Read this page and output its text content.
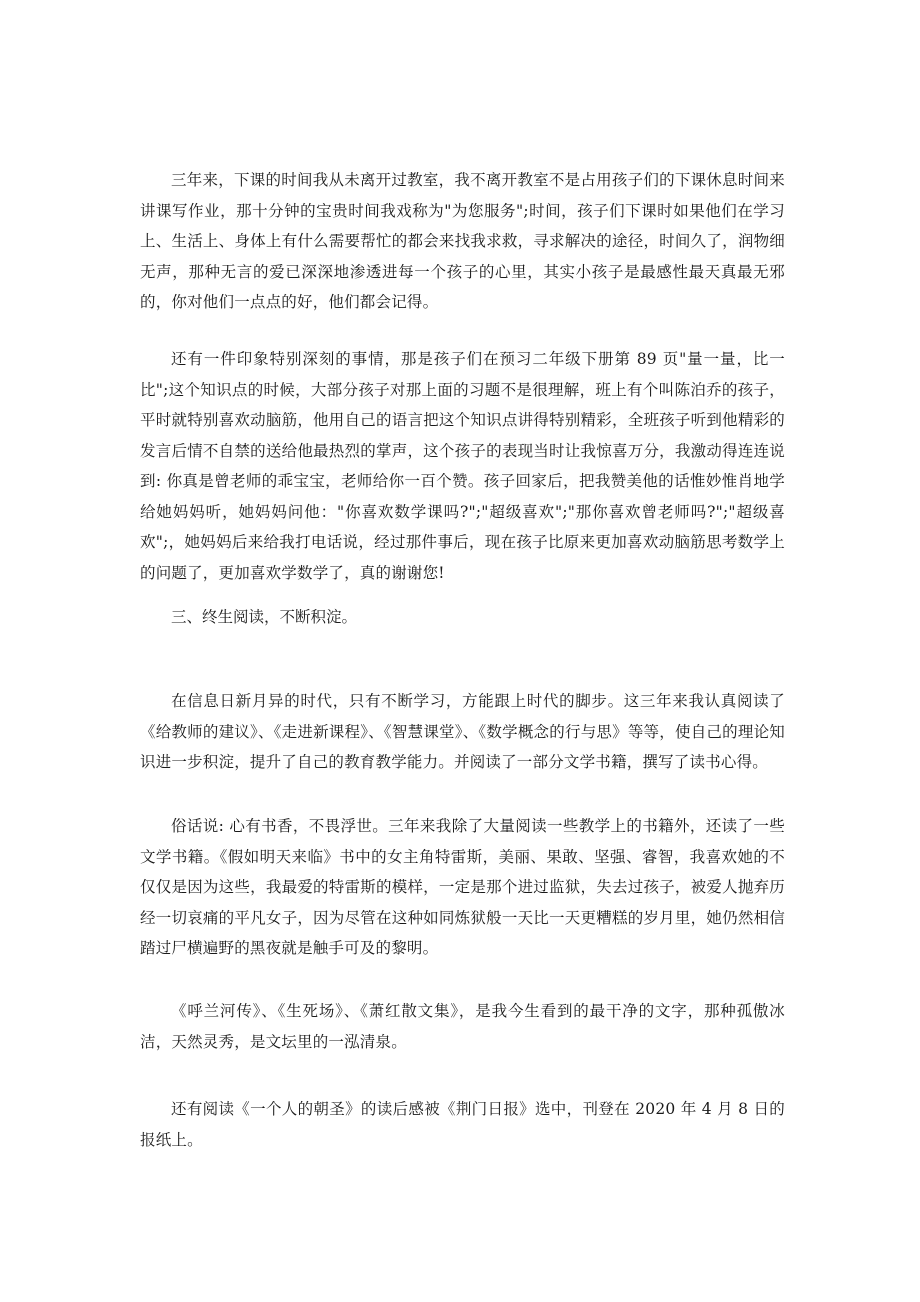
三年来，下课的时间我从未离开过教室，我不离开教室不是占用孩子们的下课休息时间来讲课写作业，那十分钟的宝贵时间我戏称为"为您服务";时间，孩子们下课时如果他们在学习上、生活上、身体上有什么需要帮忙的都会来找我求救，寻求解决的途径，时间久了，润物细无声，那种无言的爱已深深地渗透进每一个孩子的心里，其实小孩子是最感性最天真最无邪的，你对他们一点点的好，他们都会记得。

还有一件印象特别深刻的事情，那是孩子们在预习二年级下册第 89 页"量一量，比一比";这个知识点的时候，大部分孩子对那上面的习题不是很理解，班上有个叫陈泊乔的孩子，平时就特别喜欢动脑筋，他用自己的语言把这个知识点讲得特别精彩，全班孩子听到他精彩的发言后情不自禁的送给他最热烈的掌声，这个孩子的表现当时让我惊喜万分，我激动得连连说到: 你真是曾老师的乖宝宝，老师给你一百个赞。孩子回家后，把我赞美他的话惟妙惟肖地学给她妈妈听，她妈妈问他："你喜欢数学课吗?";"超级喜欢";"那你喜欢曾老师吗?";"超级喜欢";，她妈妈后来给我打电话说，经过那件事后，现在孩子比原来更加喜欢动脑筋思考数学上的问题了，更加喜欢学数学了，真的谢谢您!

三、终生阅读，不断积淀。

在信息日新月异的时代，只有不断学习，方能跟上时代的脚步。这三年来我认真阅读了《给教师的建议》、《走进新课程》、《智慧课堂》、《数学概念的行与思》等等，使自己的理论知识进一步积淀，提升了自己的教育教学能力。并阅读了一部分文学书籍，撰写了读书心得。

俗话说: 心有书香，不畏浮世。三年来我除了大量阅读一些教学上的书籍外，还读了一些文学书籍。《假如明天来临》书中的女主角特雷斯，美丽、果敢、坚强、睿智，我喜欢她的不仅仅是因为这些，我最爱的特雷斯的模样，一定是那个进过监狱，失去过孩子，被爱人抛弃历经一切哀痛的平凡女子，因为尽管在这种如同炼狱般一天比一天更糟糕的岁月里，她仍然相信踏过尸横遍野的黑夜就是触手可及的黎明。

《呼兰河传》、《生死场》、《萧红散文集》，是我今生看到的最干净的文字，那种孤傲冰洁，天然灵秀，是文坛里的一泓清泉。

还有阅读《一个人的朝圣》的读后感被《荆门日报》选中，刊登在 2020 年 4 月 8 日的报纸上。
